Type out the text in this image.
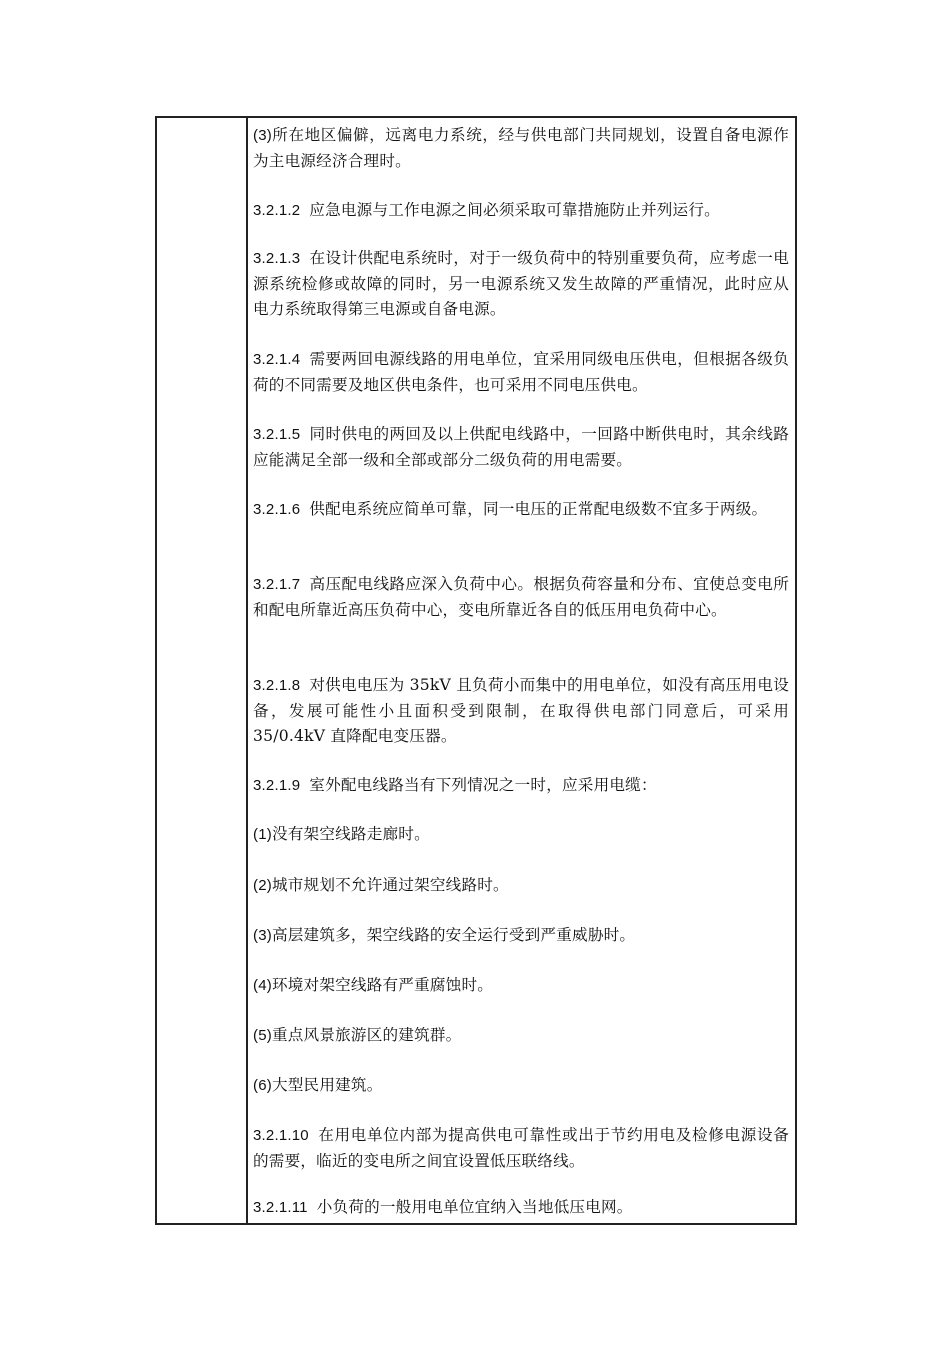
(3)所在地区偏僻，远离电力系统，经与供电部门共同规划，设置自备电源作为主电源经济合理时。

3.2.1.2 应急电源与工作电源之间必须采取可靠措施防止并列运行。

3.2.1.3 在设计供配电系统时，对于一级负荷中的特别重要负荷，应考虑一电源系统检修或故障的同时，另一电源系统又发生故障的严重情况，此时应从电力系统取得第三电源或自备电源。

3.2.1.4 需要两回电源线路的用电单位，宜采用同级电压供电，但根据各级负荷的不同需要及地区供电条件，也可采用不同电压供电。

3.2.1.5 同时供电的两回及以上供配电线路中，一回路中断供电时，其余线路应能满足全部一级和全部或部分二级负荷的用电需要。

3.2.1.6 供配电系统应简单可靠，同一电压的正常配电级数不宜多于两级。

3.2.1.7 高压配电线路应深入负荷中心。根据负荷容量和分布、宜使总变电所和配电所靠近高压负荷中心，变电所靠近各自的低压用电负荷中心。

3.2.1.8 对供电电压为 35kV 且负荷小而集中的用电单位，如没有高压用电设备，发展可能性小且面积受到限制，在取得供电部门同意后，可采用 35/0.4kV 直降配电变压器。

3.2.1.9 室外配电线路当有下列情况之一时，应采用电缆：

(1)没有架空线路走廊时。

(2)城市规划不允许通过架空线路时。

(3)高层建筑多，架空线路的安全运行受到严重威胁时。

(4)环境对架空线路有严重腐蚀时。

(5)重点风景旅游区的建筑群。

(6)大型民用建筑。

3.2.1.10 在用电单位内部为提高供电可靠性或出于节约用电及检修电源设备的需要，临近的变电所之间宜设置低压联络线。

3.2.1.11 小负荷的一般用电单位宜纳入当地低压电网。
